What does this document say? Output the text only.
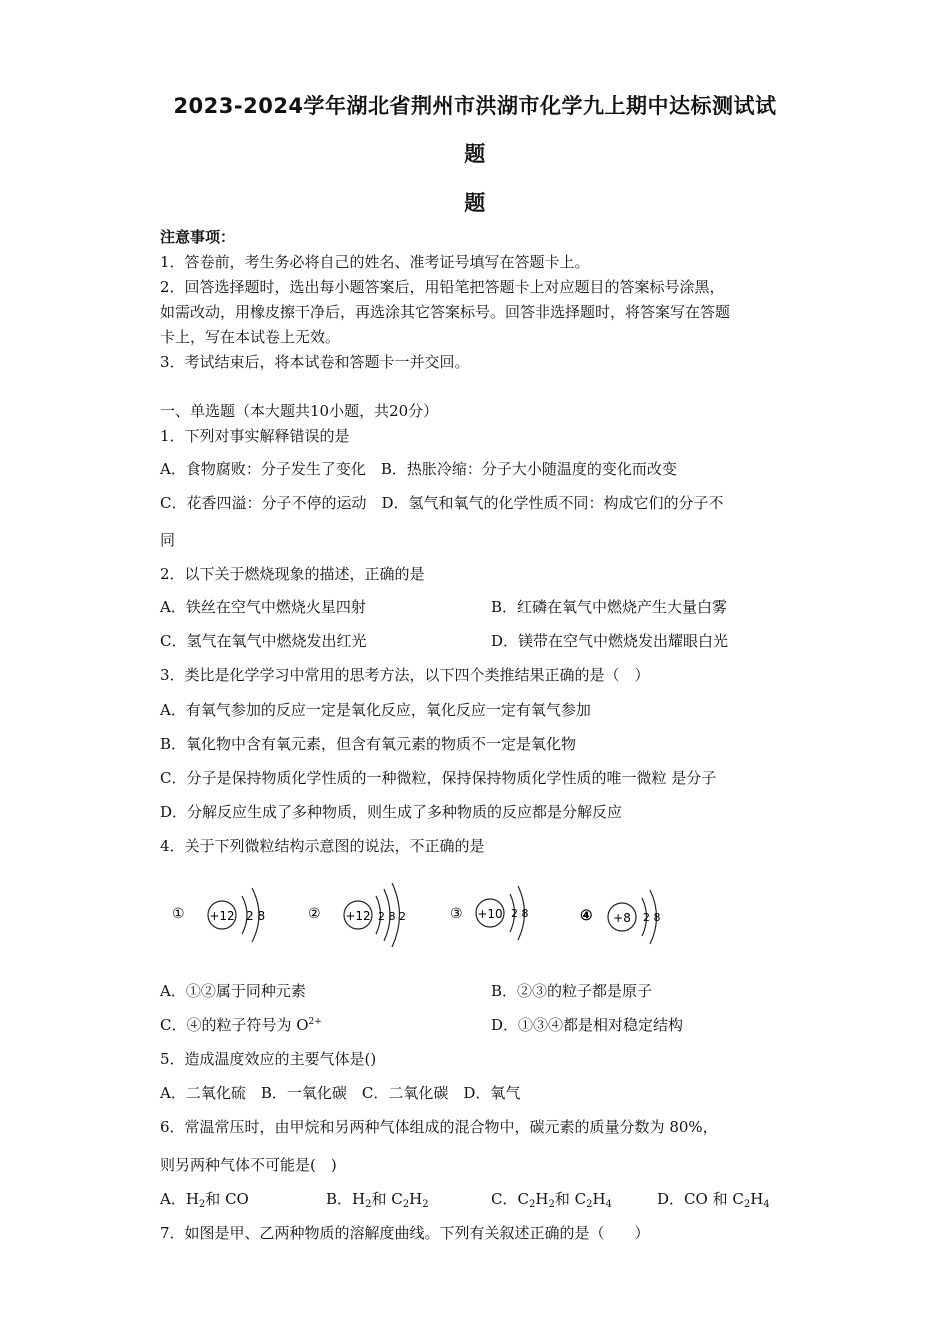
2023-2024学年湖北省荆州市洪湖市化学九上期中达标测试试
题
题
注意事项：
1．答卷前，考生务必将自己的姓名、准考证号填写在答题卡上。
2．回答选择题时，选出每小题答案后，用铅笔把答题卡上对应题目的答案标号涂黑，
如需改动，用橡皮擦干净后，再选涂其它答案标号。回答非选择题时，将答案写在答题
卡上，写在本试卷上无效。
3．考试结束后，将本试卷和答题卡一并交回。
一、单选题（本大题共10小题，共20分）
1．下列对事实解释错误的是
A．食物腐败：分子发生了变化　B．热胀冷缩：分子大小随温度的变化而改变
C．花香四溢：分子不停的运动　D．氢气和氧气的化学性质不同：构成它们的分子不
同
2．以下关于燃烧现象的描述，正确的是
A．铁丝在空气中燃烧火星四射	B．红磷在氧气中燃烧产生大量白雾
C．氢气在氧气中燃烧发出红光	D．镁带在空气中燃烧发出耀眼白光
3．类比是化学学习中常用的思考方法，以下四个类推结果正确的是（　）
A．有氧气参加的反应一定是氧化反应，氧化反应一定有氧气参加
B．氧化物中含有氧元素，但含有氧元素的物质不一定是氧化物
C．分子是保持物质化学性质的一种微粒，保持保持物质化学性质的唯一微粒 是分子
D．分解反应生成了多种物质，则生成了多种物质的反应都是分解反应
4．关于下列微粒结构示意图的说法，不正确的是
① +12 2 8	② +12 2 8 2	③ +10 2 8	④ +8 2 8
A．①②属于同种元素	B．②③的粒子都是原子
C．④的粒子符号为 $O^{2+}$	D．①③④都是相对稳定结构
5．造成温度效应的主要气体是()
A．二氧化硫　B．一氧化碳　C．二氧化碳　D．氧气
6．常温常压时，由甲烷和另两种气体组成的混合物中，碳元素的质量分数为 80%，
则另两种气体不可能是(　)
A．$H_2$和 CO	B．$H_2$和 $C_2H_2$	C．$C_2H_2$和 $C_2H_4$	D．CO 和 $C_2H_4$
7．如图是甲、乙两种物质的溶解度曲线。下列有关叙述正确的是（　　）
